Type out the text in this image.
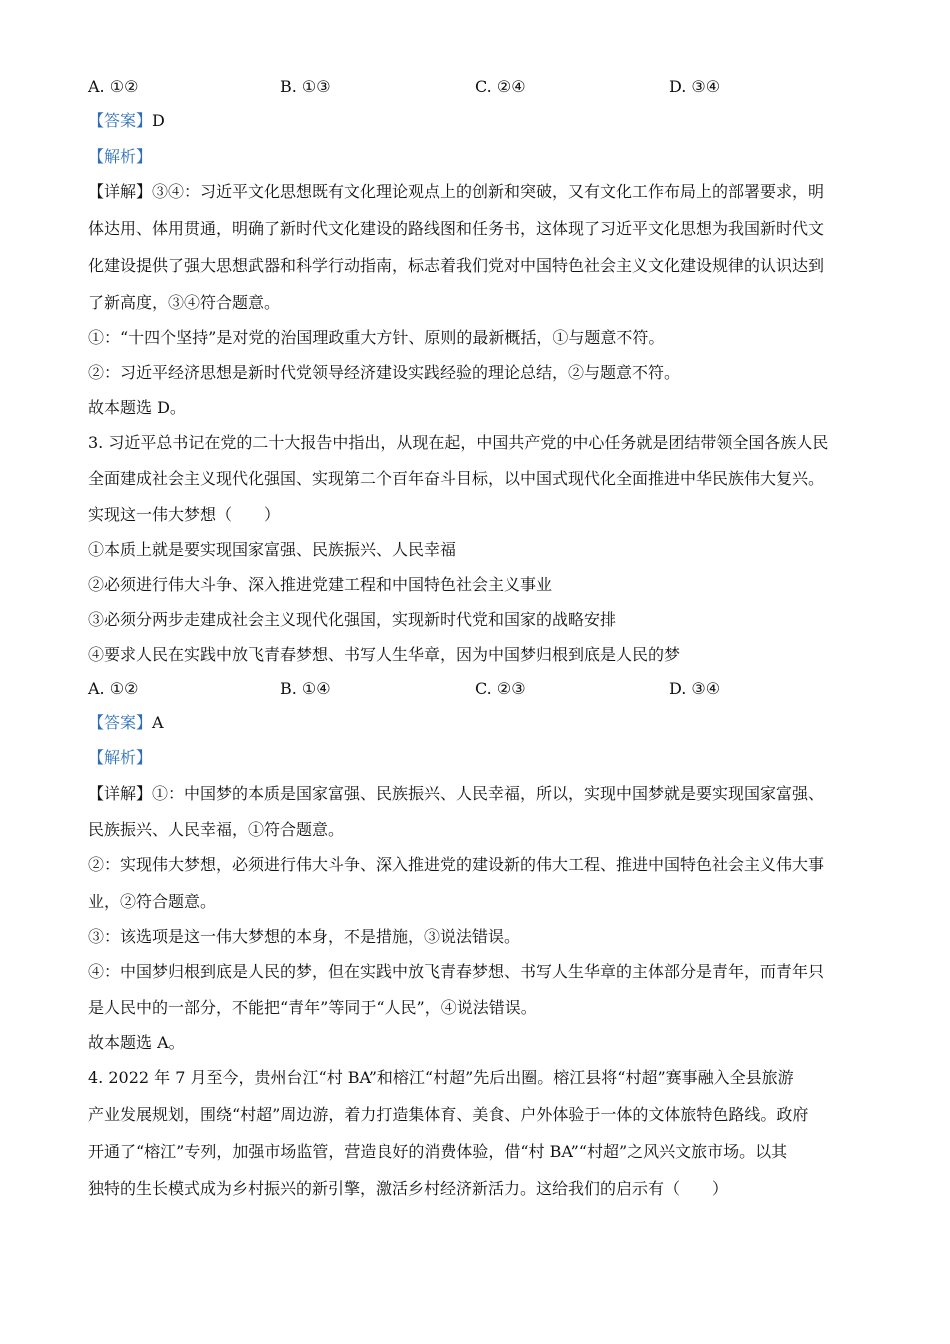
A. ①②	B. ①③	C. ②④	D. ③④
【答案】D
【解析】
【详解】③④：习近平文化思想既有文化理论观点上的创新和突破，又有文化工作布局上的部署要求，明
体达用、体用贯通，明确了新时代文化建设的路线图和任务书，这体现了习近平文化思想为我国新时代文
化建设提供了强大思想武器和科学行动指南，标志着我们党对中国特色社会主义文化建设规律的认识达到
了新高度，③④符合题意。
①：“十四个坚持”是对党的治国理政重大方针、原则的最新概括，①与题意不符。
②：习近平经济思想是新时代党领导经济建设实践经验的理论总结，②与题意不符。
故本题选 D。
3. 习近平总书记在党的二十大报告中指出，从现在起，中国共产党的中心任务就是团结带领全国各族人民
全面建成社会主义现代化强国、实现第二个百年奋斗目标，以中国式现代化全面推进中华民族伟大复兴。
实现这一伟大梦想（　　）
①本质上就是要实现国家富强、民族振兴、人民幸福
②必须进行伟大斗争、深入推进党建工程和中国特色社会主义事业
③必须分两步走建成社会主义现代化强国，实现新时代党和国家的战略安排
④要求人民在实践中放飞青春梦想、书写人生华章，因为中国梦归根到底是人民的梦
A. ①②	B. ①④	C. ②③	D. ③④
【答案】A
【解析】
【详解】①：中国梦的本质是国家富强、民族振兴、人民幸福，所以，实现中国梦就是要实现国家富强、
民族振兴、人民幸福，①符合题意。
②：实现伟大梦想，必须进行伟大斗争、深入推进党的建设新的伟大工程、推进中国特色社会主义伟大事
业，②符合题意。
③：该选项是这一伟大梦想的本身，不是措施，③说法错误。
④：中国梦归根到底是人民的梦，但在实践中放飞青春梦想、书写人生华章的主体部分是青年，而青年只
是人民中的一部分，不能把“青年”等同于“人民”，④说法错误。
故本题选 A。
4. 2022 年 7 月至今，贵州台江“村 BA”和榕江“村超”先后出圈。榕江县将“村超”赛事融入全县旅游
产业发展规划，围绕“村超”周边游，着力打造集体育、美食、户外体验于一体的文体旅特色路线。政府
开通了“榕江”专列，加强市场监管，营造良好的消费体验，借“村 BA”“村超”之风兴文旅市场。以其
独特的生长模式成为乡村振兴的新引擎，激活乡村经济新活力。这给我们的启示有（　　）
